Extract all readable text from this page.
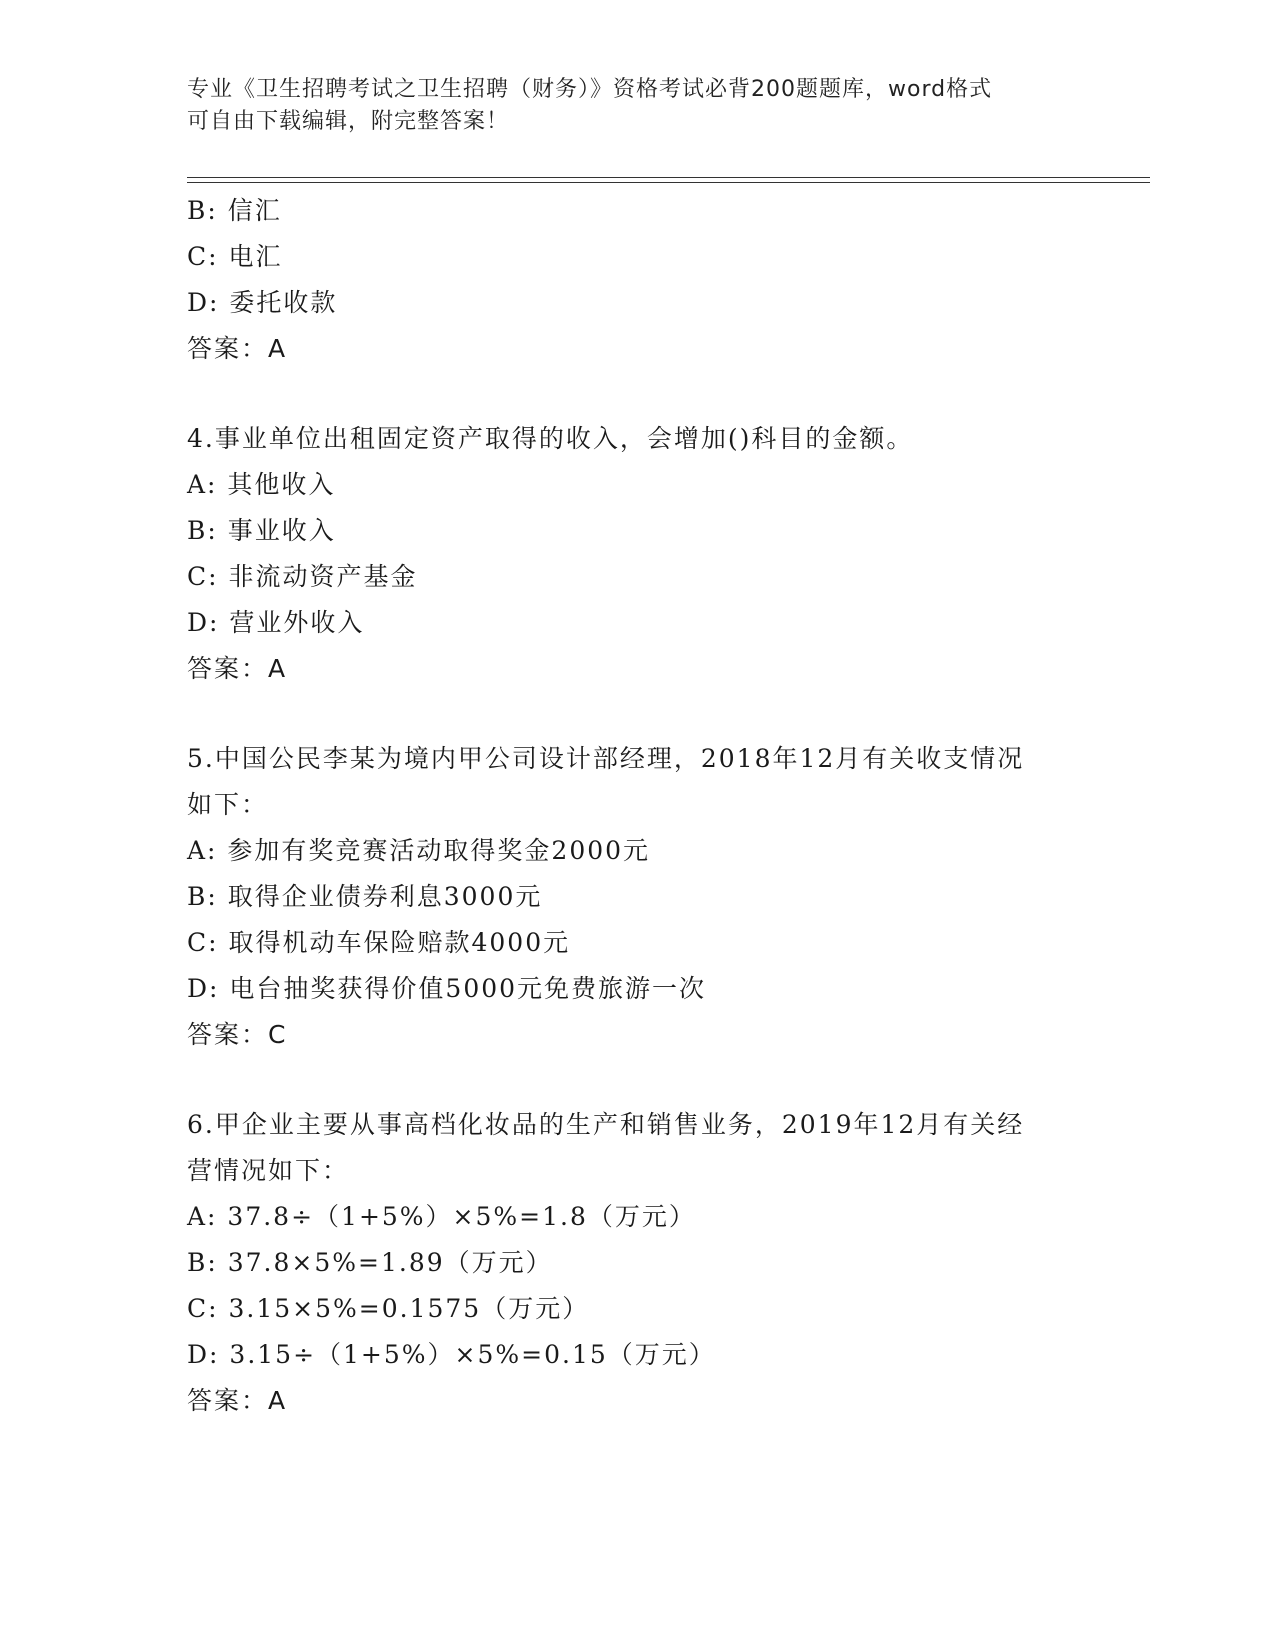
专业《卫生招聘考试之卫生招聘（财务）》资格考试必背200题题库，word格式
可自由下载编辑，附完整答案！
B: 信汇
C: 电汇
D: 委托收款
答案：A
4.事业单位出租固定资产取得的收入，会增加()科目的金额。
A: 其他收入
B: 事业收入
C: 非流动资产基金
D: 营业外收入
答案：A
5.中国公民李某为境内甲公司设计部经理，2018年12月有关收支情况
如下：
A: 参加有奖竞赛活动取得奖金2000元
B: 取得企业债券利息3000元
C: 取得机动车保险赔款4000元
D: 电台抽奖获得价值5000元免费旅游一次
答案：C
6.甲企业主要从事高档化妆品的生产和销售业务，2019年12月有关经
营情况如下：
A: 37.8÷（1+5%）×5%=1.8（万元）
B: 37.8×5%=1.89（万元）
C: 3.15×5%=0.1575（万元）
D: 3.15÷（1+5%）×5%=0.15（万元）
答案：A
